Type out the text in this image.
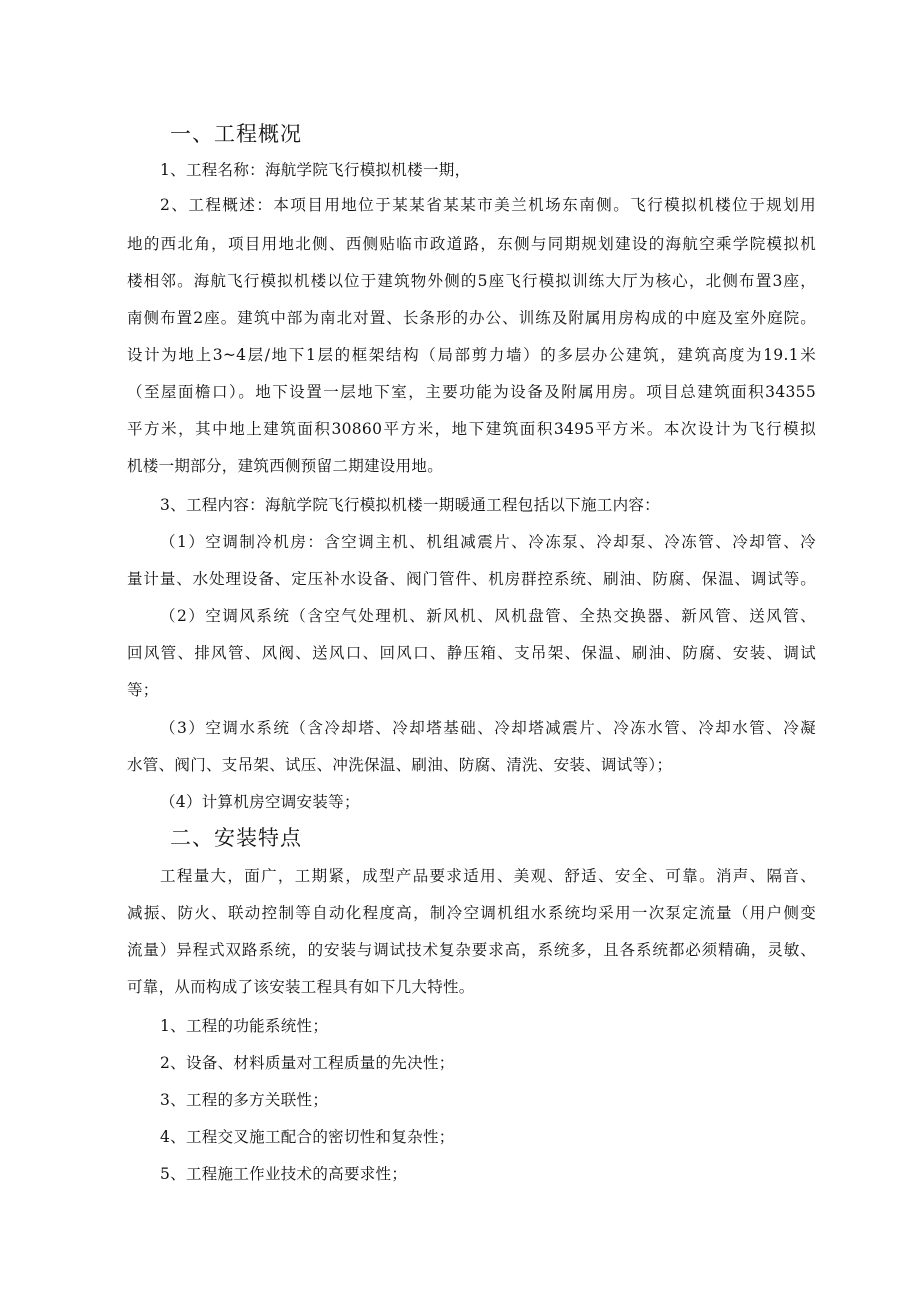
一、工程概况
1、工程名称：海航学院飞行模拟机楼一期，
2、工程概述：本项目用地位于某某省某某市美兰机场东南侧。飞行模拟机楼位于规划用
地的西北角，项目用地北侧、西侧贴临市政道路，东侧与同期规划建设的海航空乘学院模拟机
楼相邻。海航飞行模拟机楼以位于建筑物外侧的5座飞行模拟训练大厅为核心，北侧布置3座，
南侧布置2座。建筑中部为南北对置、长条形的办公、训练及附属用房构成的中庭及室外庭院。
设计为地上3~4层/地下1层的框架结构（局部剪力墙）的多层办公建筑，建筑高度为19.1米
（至屋面檐口）。地下设置一层地下室，主要功能为设备及附属用房。项目总建筑面积34355
平方米，其中地上建筑面积30860平方米，地下建筑面积3495平方米。本次设计为飞行模拟
机楼一期部分，建筑西侧预留二期建设用地。
3、工程内容：海航学院飞行模拟机楼一期暖通工程包括以下施工内容：
（1）空调制冷机房：含空调主机、机组减震片、冷冻泵、冷却泵、冷冻管、冷却管、冷
量计量、水处理设备、定压补水设备、阀门管件、机房群控系统、刷油、防腐、保温、调试等。
（2）空调风系统（含空气处理机、新风机、风机盘管、全热交换器、新风管、送风管、
回风管、排风管、风阀、送风口、回风口、静压箱、支吊架、保温、刷油、防腐、安装、调试
等；
（3）空调水系统（含冷却塔、冷却塔基础、冷却塔减震片、冷冻水管、冷却水管、冷凝
水管、阀门、支吊架、试压、冲洗保温、刷油、防腐、清洗、安装、调试等）；
（4）计算机房空调安装等；
二、安装特点
工程量大，面广，工期紧，成型产品要求适用、美观、舒适、安全、可靠。消声、隔音、
减振、防火、联动控制等自动化程度高，制冷空调机组水系统均采用一次泵定流量（用户侧变
流量）异程式双路系统，的安装与调试技术复杂要求高，系统多，且各系统都必须精确，灵敏、
可靠，从而构成了该安装工程具有如下几大特性。
1、工程的功能系统性；
2、设备、材料质量对工程质量的先决性；
3、工程的多方关联性；
4、工程交叉施工配合的密切性和复杂性；
5、工程施工作业技术的高要求性；
